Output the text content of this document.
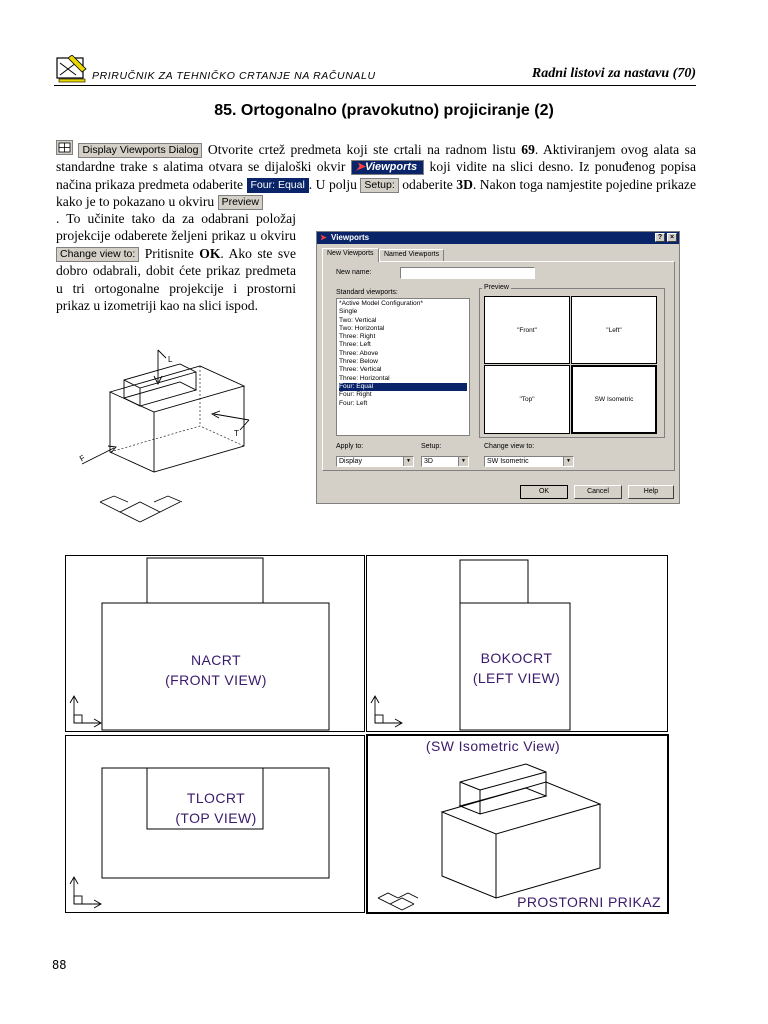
PRIRUČNIK ZA TEHNIČKO CRTANJE NA RAČUNALU	Radni listovi za nastavu (70)
85. Ortogonalno (pravokutno) projiciranje (2)
Display Viewports Dialog Otvorite crtež predmeta koji ste crtali na radnom listu 69. Aktiviranjem ovog alata sa standardne trake s alatima otvara se dijaloški okvir ➤Viewports koji vidite na slici desno. Iz ponuđenog popisa načina prikaza predmeta odaberite Four: Equal . U polju Setup: odaberite 3D. Nakon toga namjestite pojedine prikaze kako je to pokazano u okviru Preview
. To učinite tako da za odabrani položaj projekcije odaberete željeni prikaz u okviru Change view to: Pritisnite OK. Ako ste sve dobro odabrali, dobit ćete prikaz predmeta u tri ortogonalne projekcije i prostorni prikaz u izometriji kao na slici ispod.
➤ Viewports	?	×
New Viewports	Named Viewports
New name:
Standard viewports:
*Active Model Configuration*
Single
Two: Vertical
Two: Horizontal
Three: Right
Three: Left
Three: Above
Three: Below
Three: Vertical
Three: Horizontal
Four: Equal
Four: Right
Four: Left
Preview
"Front"	"Left"
"Top"	SW Isometric
Apply to:
Display	▼
Setup:
3D	▼
Change view to:
SW Isometric	▼
OK	Cancel	Help
L
F
T
NACRT
(FRONT VIEW)
BOKOCRT
(LEFT VIEW)
TLOCRT
(TOP VIEW)
(SW Isometric View)
PROSTORNI PRIKAZ
88
